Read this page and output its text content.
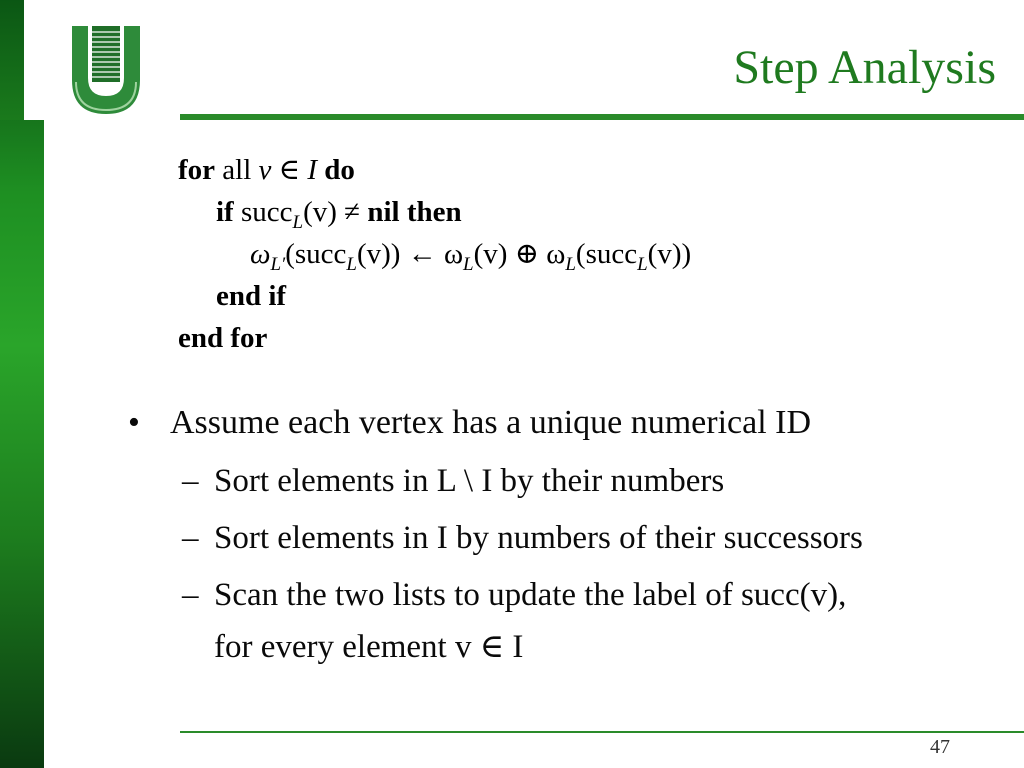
Step Analysis
for all v ∈ I do
if succ$_L$(v) ≠ nil then
$\omega_{L'}(succ_L(v))$ ← $\omega_L(v)$ ⊕ $\omega_L(succ_L(v))$
end if
end for
• Assume each vertex has a unique numerical ID
– Sort elements in L \ I by their numbers
– Sort elements in I by numbers of their successors
– Scan the two lists to update the label of succ(v),
for every element v ∈ I
47
